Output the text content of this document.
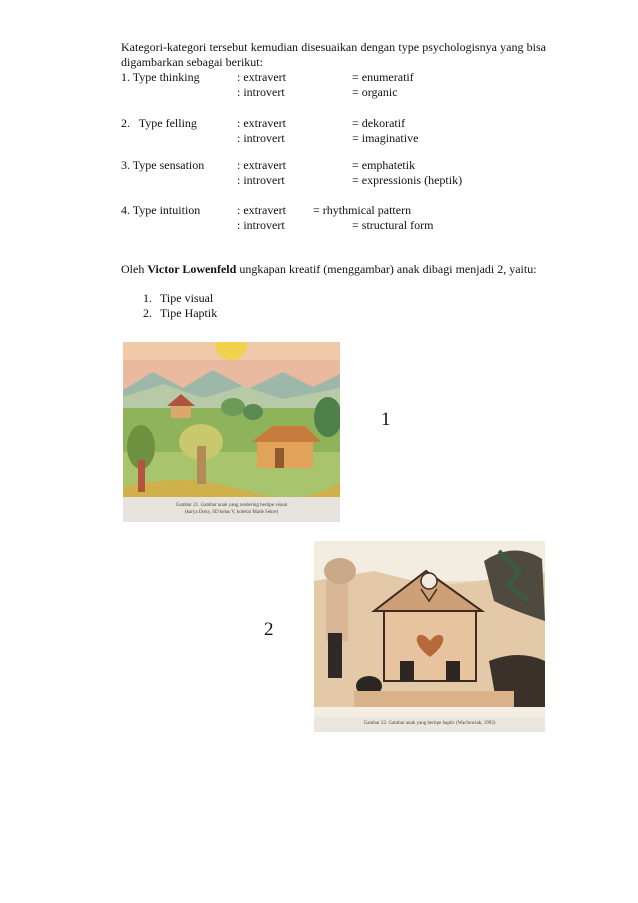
Kategori-kategori tersebut kemudian disesuaikan dengan type psychologisnya yang bisa digambarkan sebagai berikut:
1. Type thinking	: extravert	= enumeratif
: introvert	= organic
2.   Type felling	: extravert	= dekoratif
: introvert	= imaginative
3. Type sensation	: extravert	= emphatetik
: introvert	= expressionis (heptik)
4. Type intuition	: extravert = rhythmical pattern
: introvert	= structural form
Oleh Victor Lowenfeld ungkapan kreatif (menggambar) anak dibagi menjadi 2, yaitu:
1. Tipe visual
2. Tipe Haptik
Gambar 21. Gambar anak yang rendering bertipe visual
(karya Dony, SD kelas V, koleksi Made Sekre)
1
Gambar 22. Gambar anak yang bertipe haptic (Wachowiak, 1993)
2
